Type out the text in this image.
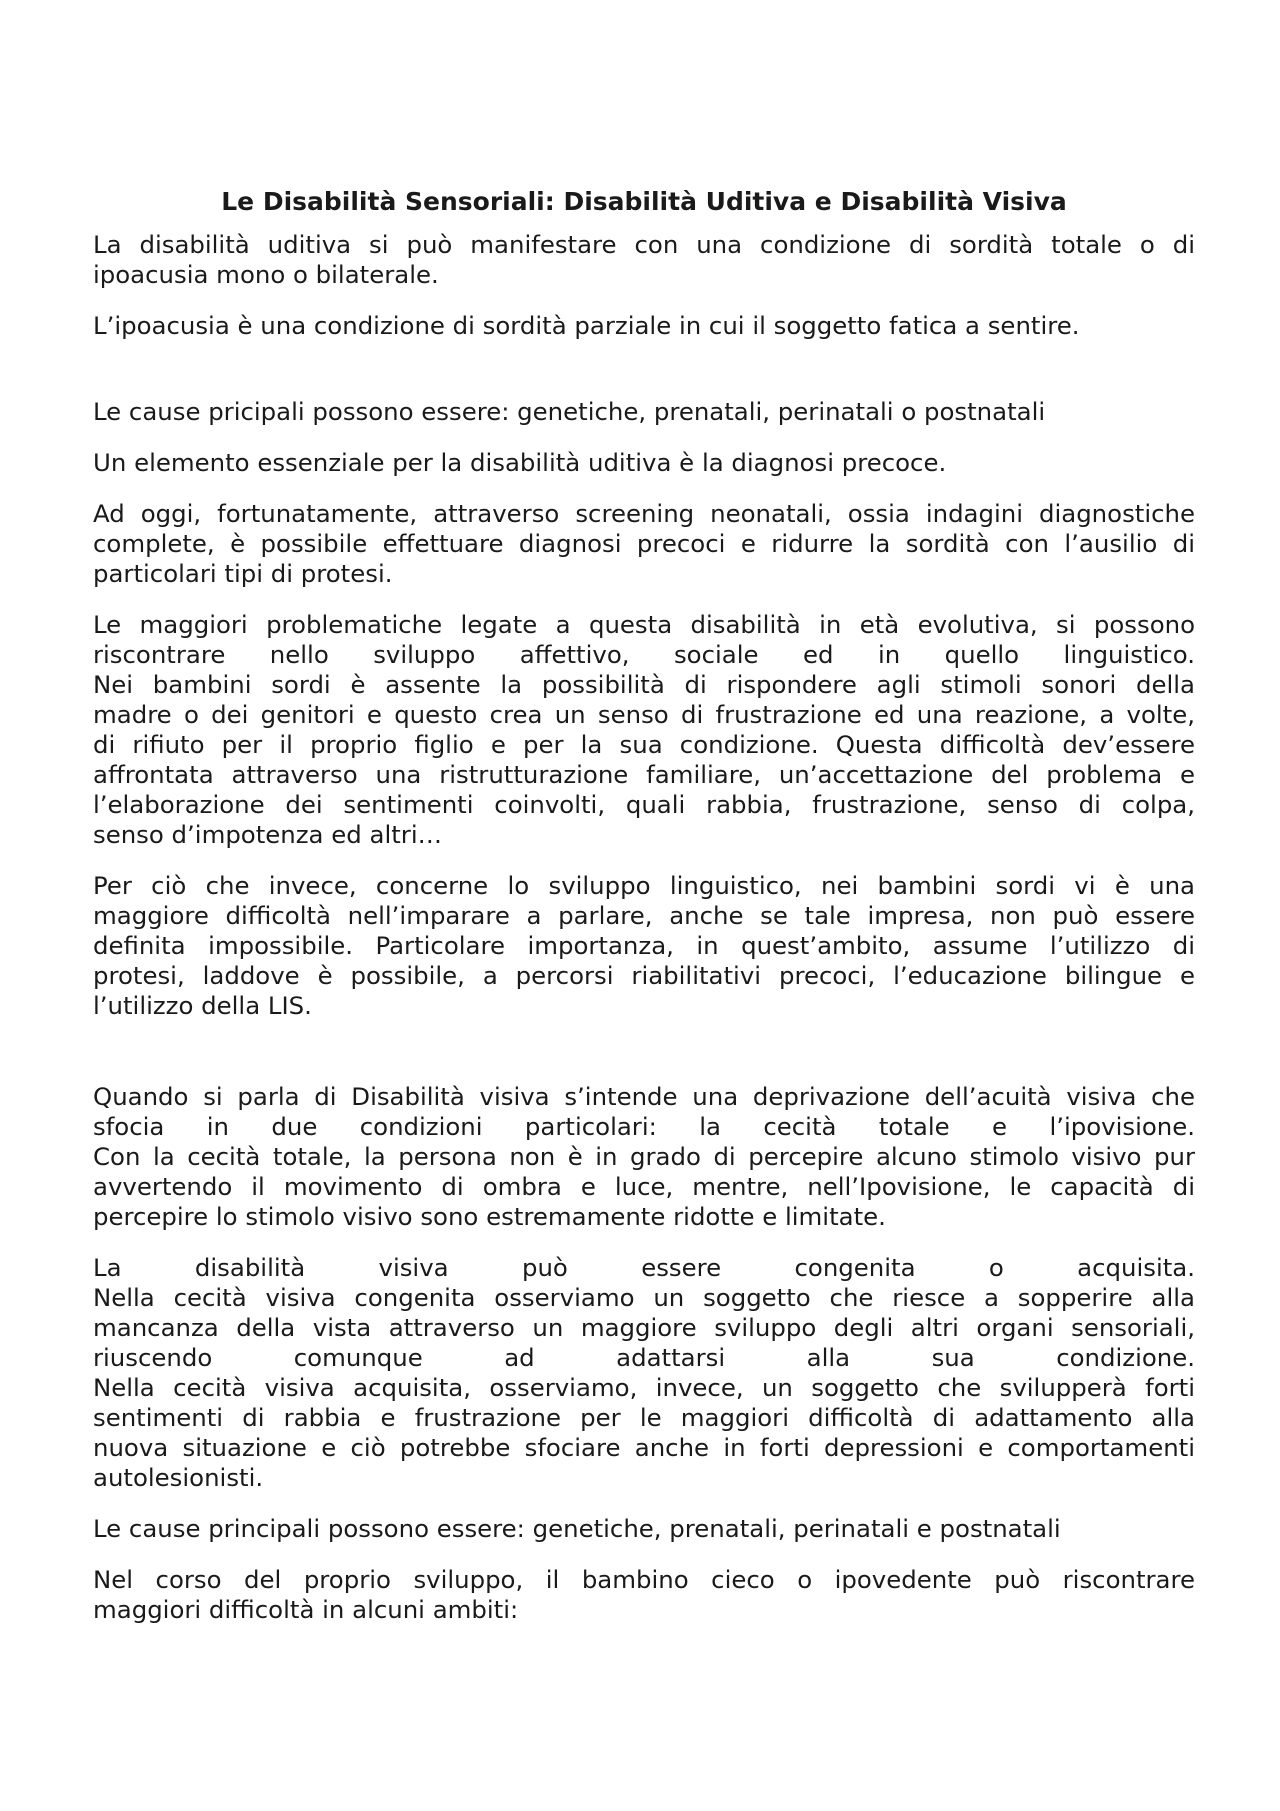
Le Disabilità Sensoriali: Disabilità Uditiva e Disabilità Visiva
La disabilità uditiva si può manifestare con una condizione di sordità totale o di
ipoacusia mono o bilaterale.
L’ipoacusia è una condizione di sordità parziale in cui il soggetto fatica a sentire.
Le cause pricipali possono essere: genetiche, prenatali, perinatali o postnatali
Un elemento essenziale per la disabilità uditiva è la diagnosi precoce.
Ad oggi, fortunatamente, attraverso screening neonatali, ossia indagini diagnostiche
complete, è possibile effettuare diagnosi precoci e ridurre la sordità con l’ausilio di
particolari tipi di protesi.
Le maggiori problematiche legate a questa disabilità in età evolutiva, si possono
riscontrare nello sviluppo affettivo, sociale ed in quello linguistico.
Nei bambini sordi è assente la possibilità di rispondere agli stimoli sonori della
madre o dei genitori e questo crea un senso di frustrazione ed una reazione, a volte,
di rifiuto per il proprio figlio e per la sua condizione. Questa difficoltà dev’essere
affrontata attraverso una ristrutturazione familiare, un’accettazione del problema e
l’elaborazione dei sentimenti coinvolti, quali rabbia, frustrazione, senso di colpa,
senso d’impotenza ed altri…
Per ciò che invece, concerne lo sviluppo linguistico, nei bambini sordi vi è una
maggiore difficoltà nell’imparare a parlare, anche se tale impresa, non può essere
definita impossibile. Particolare importanza, in quest’ambito, assume l’utilizzo di
protesi, laddove è possibile, a percorsi riabilitativi precoci, l’educazione bilingue e
l’utilizzo della LIS.
Quando si parla di Disabilità visiva s’intende una deprivazione dell’acuità visiva che
sfocia in due condizioni particolari: la cecità totale e l’ipovisione.
Con la cecità totale, la persona non è in grado di percepire alcuno stimolo visivo pur
avvertendo il movimento di ombra e luce, mentre, nell’Ipovisione, le capacità di
percepire lo stimolo visivo sono estremamente ridotte e limitate.
La disabilità visiva può essere congenita o acquisita.
Nella cecità visiva congenita osserviamo un soggetto che riesce a sopperire alla
mancanza della vista attraverso un maggiore sviluppo degli altri organi sensoriali,
riuscendo comunque ad adattarsi alla sua condizione.
Nella cecità visiva acquisita, osserviamo, invece, un soggetto che svilupperà forti
sentimenti di rabbia e frustrazione per le maggiori difficoltà di adattamento alla
nuova situazione e ciò potrebbe sfociare anche in forti depressioni e comportamenti
autolesionisti.
Le cause principali possono essere: genetiche, prenatali, perinatali e postnatali
Nel corso del proprio sviluppo, il bambino cieco o ipovedente può riscontrare
maggiori difficoltà in alcuni ambiti:
